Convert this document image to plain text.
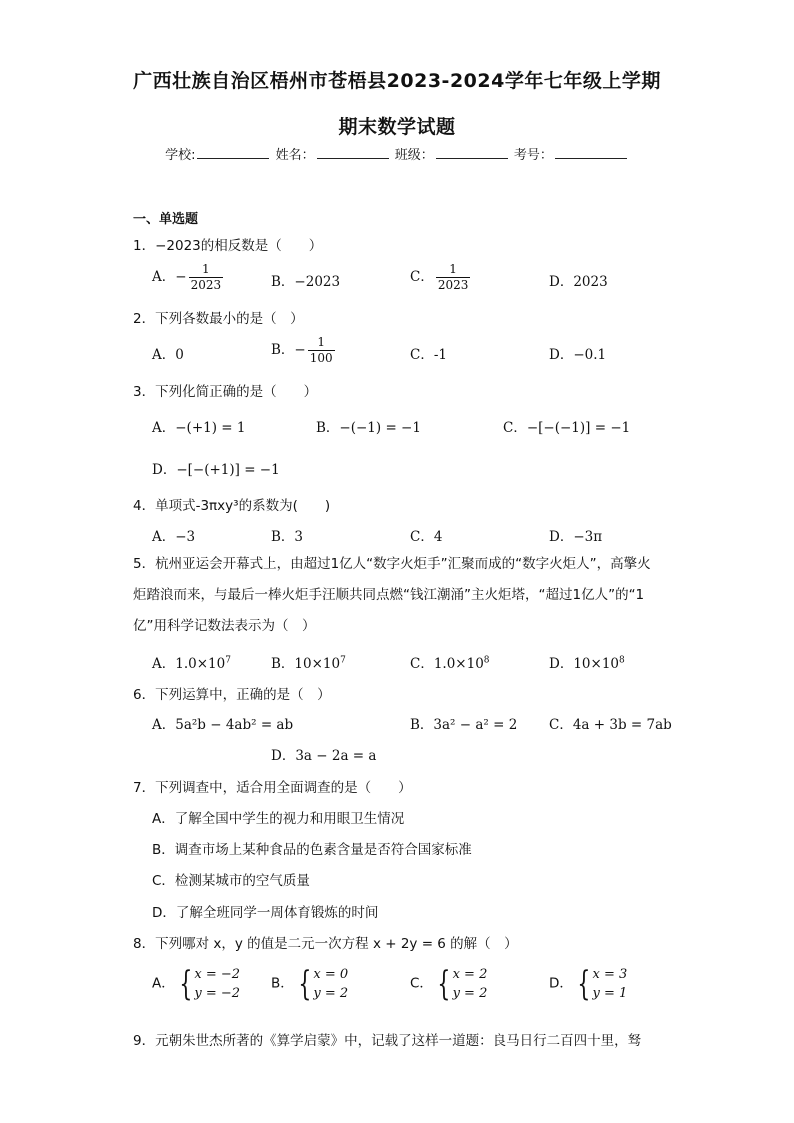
广西壮族自治区梧州市苍梧县2023-2024学年七年级上学期
期末数学试题
学校:	姓名：	班级：	考号：
一、单选题
1．−2023的相反数是（　　）
A．− $\frac{1}{2023}$	B．−2023	C． $\frac{1}{2023}$	D．2023
2．下列各数最小的是（　）
A．0	B．− $\frac{1}{100}$	C．-1	D．−0.1
3．下列化简正确的是（　　）
A．−(+1) = 1	B．−(−1) = −1	C．−[−(−1)] = −1
D．−[−(+1)] = −1
4．单项式-3πxy³的系数为(　　)
A．−3	B．3	C．4	D．−3π
5．杭州亚运会开幕式上，由超过1亿人“数字火炬手”汇聚而成的“数字火炬人”，高擎火炬踏浪而来，与最后一棒火炬手汪顺共同点燃“钱江潮涌”主火炬塔，“超过1亿人”的“1亿”用科学记数法表示为（　）
A．$1.0\times 10^7$	B．$10\times 10^7$	C．$1.0\times 10^8$	D．$10\times 10^8$
6．下列运算中，正确的是（　）
A．5a²b − 4ab² = ab	B．3a² − a² = 2 C．4a + 3b = 7ab
D．3a − 2a = a
7．下列调查中，适合用全面调查的是（　　）
A．了解全国中学生的视力和用眼卫生情况
B．调查市场上某种食品的色素含量是否符合国家标准
C．检测某城市的空气质量
D．了解全班同学一周体育锻炼的时间
8．下列哪对 x，y 的值是二元一次方程 x + 2y = 6 的解（　）
A． { x = −2
y = −2
B． { x = 0
y = 2
C． { x = 2
y = 2
D． { x = 3
y = 1
9．元朝朱世杰所著的《算学启蒙》中，记载了这样一道题：良马日行二百四十里，驽
